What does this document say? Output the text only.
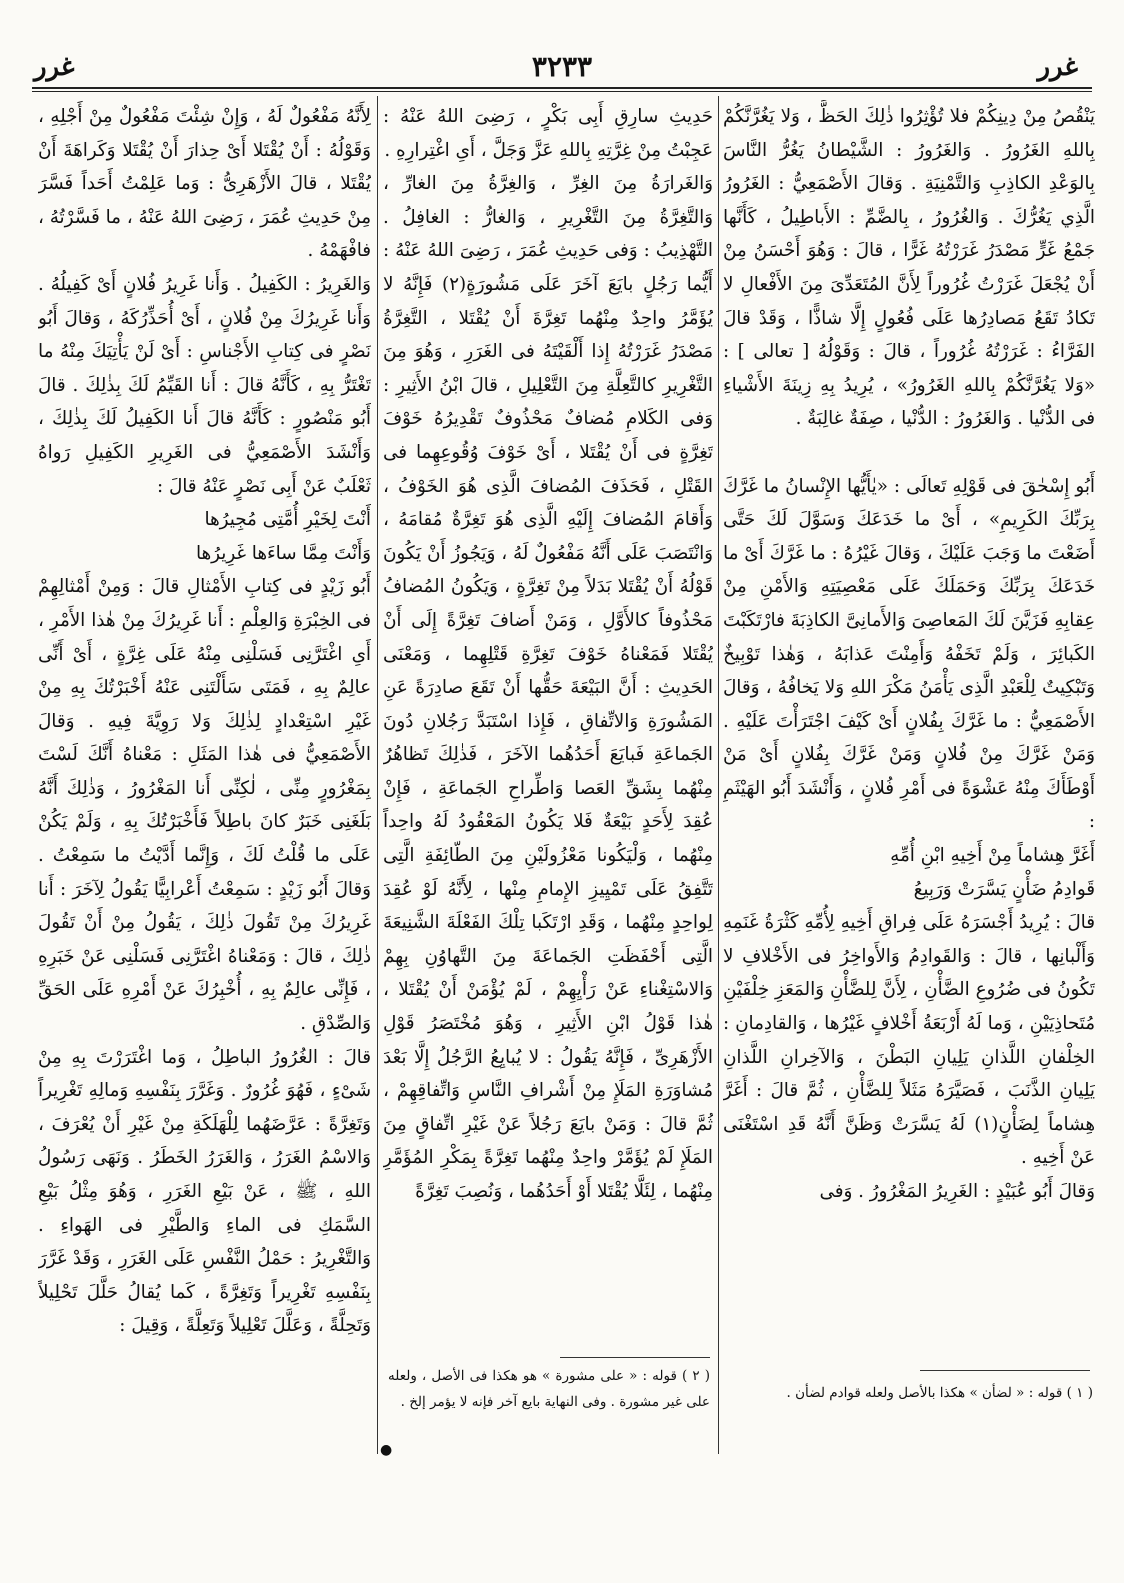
غرر
٣٢٣٣
غرر

يَنْقُصُ مِنْ دِينِكُمْ فلا تُؤْثِرُوا ذٰلِكَ الحَظَّ ، وَلا يَغُرَّنَّكُمْ بِاللهِ الغَرُورُ . وَالغَرُورُ : الشَّيْطانُ يَغُرُّ النَّاسَ بِالوَعْدِ الكاذِبِ وَالتَّمْنِيَةِ . وَقالَ الأَصْمَعِيُّ : الغَرُورُ الَّذِي يَغُرُّكَ . وَالغُرُورُ ، بِالضَّمِّ : الأَباطِيلُ ، كَأَنَّها جَمْعُ غَرٍّ مَصْدَرُ غَرَرْتُهُ غَرًّا ، قالَ : وَهُوَ أَحْسَنُ مِنْ أَنْ يُجْعَلَ غَرَرْتُ غُرُوراً لِأَنَّ المُتَعَدِّىَ مِنَ الأَفْعالِ لا تَكادُ تَقَعُ مَصادِرُها عَلَى فُعُولٍ إِلَّا شاذًّا ، وَقَدْ قالَ الفَرَّاءُ : غَرَرْتُهُ غُرُوراً ، قالَ : وَقَوْلُهُ [ تعالى ] : «وَلا يَغُرَّنَّكُمْ بِاللهِ الغَرُورُ» ، يُرِيدُ بِهِ زِينَةَ الأَشْياءِ فى الدُّنْيا . وَالغَرُورُ : الدُّنْيا ، صِفَةٌ غالِبَةٌ .

أَبُو إِسْحٰقَ فى قَوْلِهِ تَعالَى : «يٰأَيُّها الإِنْسانُ ما غَرَّكَ بِرَبِّكَ الكَرِيمِ» ، أَىْ ما خَدَعَكَ وَسَوَّلَ لَكَ حَتَّى أَضَعْتَ ما وَجَبَ عَلَيْكَ ، وَقالَ غَيْرُهُ : ما غَرَّكَ أَىْ ما خَدَعَكَ بِرَبِّكَ وَحَمَلَكَ عَلَى مَعْصِيَتِهِ وَالأَمْنِ مِنْ عِقابِهِ فَزَيَّنَ لَكَ المَعاصِىَ وَالأَمانِىَّ الكاذِبَةَ فارْتَكَبْتَ الكَبائِرَ ، وَلَمْ تَخَفْهُ وَأَمِنْتَ عَذابَهُ ، وَهٰذا تَوْبِيخٌ وَتَبْكِيتٌ لِلْعَبْدِ الَّذِى يَأْمَنُ مَكْرَ اللهِ وَلا يَخافُهُ ، وَقالَ الأَصْمَعِيُّ : ما غَرَّكَ بِفُلانٍ أَىْ كَيْفَ اجْتَرَأْتَ عَلَيْهِ . وَمَنْ غَرَّكَ مِنْ فُلانٍ وَمَنْ غَرَّكَ بِفُلانٍ أَىْ مَنْ أَوْطَأَكَ مِنْهُ عَشْوَةً فى أَمْرِ فُلانٍ ، وَأَنْشَدَ أَبُو الهَيْثَمِ :
أَغَرَّ هِشاماً مِنْ أَخِيهِ ابْنِ أُمِّهِ
قَوادِمُ ضَأْنٍ يَسَّرَتْ وَرَبِيعُ
قالَ : يُرِيدُ أَجْسَرَهُ عَلَى فِراقِ أَخِيهِ لِأُمِّهِ كَثْرَةُ غَنَمِهِ وَأَلْبانِها ، قالَ : وَالقَوادِمُ وَالأَواخِرُ فى الأَخْلافِ لا تَكُونُ فى ضُرُوعِ الضَّأْنِ ، لِأَنَّ لِلضَّأْنِ وَالمَعَزِ خِلْفَيْنِ مُتَحاذِيَيْنِ ، وَما لَهُ أَرْبَعَةُ أَخْلافٍ غَيْرُها ، وَالقادِمانِ : الخِلْفانِ اللَّذانِ يَلِيانِ البَطْنَ ، وَالآخِرانِ اللَّذانِ يَلِيانِ الذَّنَبَ ، فَصَيَّرَهُ مَثَلاً لِلضَّأْنِ ، ثُمَّ قالَ : أَغَرَّ هِشاماً لِضَأْنٍ(١) لَهُ يَسَّرَتْ وَظَنَّ أَنَّهُ قَدِ اسْتَغْنَى عَنْ أَخِيهِ .
وَقالَ أَبُو عُبَيْدٍ : الغَرِيرُ المَغْرُورُ . وَفى

حَدِيثِ سارِقِ أَبِى بَكْرٍ ، رَضِىَ اللهُ عَنْهُ : عَجِبْتُ مِنْ غِرَّتِهِ بِاللهِ عَزَّ وَجَلَّ ، أَىِ اغْتِرارِهِ .
وَالغَرارَةُ مِنَ الغِرِّ ، وَالغِرَّةُ مِنَ الغارِّ ، وَالتَّغِرَّةُ مِنَ التَّغْرِيرِ ، وَالغارُّ : الغافِلُ . التَّهْذِيبُ : وَفى حَدِيثِ عُمَرَ ، رَضِىَ اللهُ عَنْهُ : أَيُّما رَجُلٍ بايَعَ آخَرَ عَلَى مَشُورَةٍ(٢) فَإِنَّهُ لا يُؤَمَّرُ واحِدٌ مِنْهُما تَغِرَّةَ أَنْ يُقْتَلا ، التَّغِرَّةُ مَصْدَرُ غَرَرْتُهُ إِذا أَلْقَيْتَهُ فى الغَرَرِ ، وَهُوَ مِنَ التَّغْرِيرِ كالتَّعِلَّةِ مِنَ التَّعْلِيلِ ، قالَ ابْنُ الأَثِيرِ : وَفى الكَلامِ مُضافٌ مَحْذُوفٌ تَقْدِيرُهُ خَوْفَ تَغِرَّةٍ فى أَنْ يُقْتَلا ، أَىْ خَوْفَ وُقُوعِهِما فى القَتْلِ ، فَحَذَفَ المُضافَ الَّذِى هُوَ الخَوْفُ ، وَأَقامَ المُضافَ إِلَيْهِ الَّذِى هُوَ تَغِرَّةٌ مُقامَهُ ، وَانْتَصَبَ عَلَى أَنَّهُ مَفْعُولٌ لَهُ ، وَيَجُوزُ أَنْ يَكُونَ قَوْلُهُ أَنْ يُقْتَلا بَدَلاً مِنْ تَغِرَّةٍ ، وَيَكُونُ المُضافُ مَحْذُوفاً كالأَوَّلِ ، وَمَنْ أَضافَ تَغِرَّةً إِلَى أَنْ يُقْتَلا فَمَعْناهُ خَوْفَ تَغِرَّةِ قَتْلِهِما ، وَمَعْنَى الحَدِيثِ : أَنَّ البَيْعَةَ حَقُّها أَنْ تَقَعَ صادِرَةً عَنِ المَشُورَةِ وَالاتِّفاقِ ، فَإِذا اسْتَبَدَّ رَجُلانِ دُونَ الجَماعَةِ فَبايَعَ أَحَدُهُما الآخَرَ ، فَذٰلِكَ تَظاهُرٌ مِنْهُما بِشَقِّ العَصا وَاطِّراحِ الجَماعَةِ ، فَإِنْ عُقِدَ لِأَحَدٍ بَيْعَةٌ فَلا يَكُونُ المَعْقُودُ لَهُ واحِداً مِنْهُما ، وَلْيَكُونا مَعْزُولَيْنِ مِنَ الطّائِفَةِ الَّتِى تَتَّفِقُ عَلَى تَمْيِيزِ الإِمامِ مِنْها ، لِأَنَّهُ لَوْ عُقِدَ لِواحِدٍ مِنْهُما ، وَقَدِ ارْتَكَبا تِلْكَ الفَعْلَةَ الشَّنِيعَةَ الَّتِى أَحْفَظَتِ الجَماعَةَ مِنَ التَّهاوُنِ بِهِمْ وَالاسْتِغْناءِ عَنْ رَأْيِهِمْ ، لَمْ يُؤْمَنْ أَنْ يُقْتَلا ، هٰذا قَوْلُ ابْنِ الأَثِيرِ ، وَهُوَ مُخْتَصَرُ قَوْلِ الأَزْهَرِىِّ ، فَإِنَّهُ يَقُولُ : لا يُبايِعُ الرَّجُلُ إِلَّا بَعْدَ مُشاوَرَةِ المَلَإِ مِنْ أَشْرافِ النَّاسِ وَاتِّفاقِهِمْ ، ثُمَّ قالَ : وَمَنْ بايَعَ رَجُلاً عَنْ غَيْرِ اتِّفاقٍ مِنَ المَلَإِ لَمْ يُؤَمَّرْ واحِدٌ مِنْهُما تَغِرَّةً بِمَكْرِ المُؤَمَّرِ مِنْهُما ، لِئَلَّا يُقْتَلا أَوْ أَحَدُهُما ، وَنُصِبَ تَغِرَّةً

لِأَنَّهُ مَفْعُولٌ لَهُ ، وَإِنْ شِئْتَ مَفْعُولٌ مِنْ أَجْلِهِ ، وَقَوْلُهُ : أَنْ يُقْتَلا أَىْ حِذارَ أَنْ يُقْتَلا وَكَراهَةَ أَنْ يُقْتَلا ، قالَ الأَزْهَرِىُّ : وَما عَلِمْتُ أَحَداً فَسَّرَ مِنْ حَدِيثِ عُمَرَ ، رَضِىَ اللهُ عَنْهُ ، ما فَسَّرْتُهُ ، فافْهَمْهُ .
وَالغَرِيرُ : الكَفِيلُ . وَأَنا غَرِيرُ فُلانٍ أَىْ كَفِيلُهُ . وَأَنا غَرِيرُكَ مِنْ فُلانٍ ، أَىْ أُحَذِّرُكَهُ ، وَقالَ أَبُو نَصْرٍ فى كِتابِ الأَجْناسِ : أَىْ لَنْ يَأْتِيَكَ مِنْهُ ما تَغْتَرُّ بِهِ ، كَأَنَّهُ قالَ : أَنا القَيِّمُ لَكَ بِذٰلِكَ . قالَ أَبُو مَنْصُورٍ : كَأَنَّهُ قالَ أَنا الكَفِيلُ لَكَ بِذٰلِكَ ، وَأَنْشَدَ الأَصْمَعِيُّ فى الغَرِيرِ الكَفِيلِ رَواهُ ثَعْلَبٌ عَنْ أَبِى نَصْرٍ عَنْهُ قالَ :
أَنْتَ لِخَيْرِ أُمَّتِى مُجِيرُها
وَأَنْتَ مِمَّا ساءَها غَرِيرُها
أَبُو زَيْدٍ فى كِتابِ الأَمْثالِ قالَ : وَمِنْ أَمْثالِهِمْ فى الخِبْرَةِ وَالعِلْمِ : أَنا غَرِيرُكَ مِنْ هٰذا الأَمْرِ ، أَىِ اغْتَرَّنِى فَسَلْنِى مِنْهُ عَلَى غِرَّةٍ ، أَىْ أَنِّى عالِمٌ بِهِ ، فَمَتَى سَأَلْتَنِى عَنْهُ أَخْبَرْتُكَ بِهِ مِنْ غَيْرِ اسْتِعْدادٍ لِذٰلِكَ وَلا رَوِيَّةَ فِيهِ . وَقالَ الأَصْمَعِيُّ فى هٰذا المَثَلِ : مَعْناهُ أَنَّكَ لَسْتَ بِمَغْرُورٍ مِنِّى ، لٰكِنِّى أَنا المَغْرُورُ ، وَذٰلِكَ أَنَّهُ بَلَغَنِى خَبَرٌ كانَ باطِلاً فَأَخْبَرْتُكَ بِهِ ، وَلَمْ يَكُنْ عَلَى ما قُلْتُ لَكَ ، وَإِنَّما أَدَّيْتُ ما سَمِعْتُ . وَقالَ أَبُو زَيْدٍ : سَمِعْتُ أَعْرابِيًّا يَقُولُ لِآخَرَ : أَنا غَرِيرُكَ مِنْ تَقُولَ ذٰلِكَ ، يَقُولُ مِنْ أَنْ تَقُولَ ذٰلِكَ ، قالَ : وَمَعْناهُ اغْتَرَّنِى فَسَلْنِى عَنْ خَبَرِهِ ، فَإِنِّى عالِمٌ بِهِ ، أُخْبِرُكَ عَنْ أَمْرِهِ عَلَى الحَقِّ وَالصِّدْقِ .
قالَ : الغُرُورُ الباطِلُ ، وَما اغْتَرَرْتَ بِهِ مِنْ شَىْءٍ ، فَهُوَ غُرُورٌ . وَغَرَّرَ بِنَفْسِهِ وَمالِهِ تَغْرِيراً وَتَغِرَّةً : عَرَّضَهُما لِلْهَلَكَةِ مِنْ غَيْرِ أَنْ يُعْرَفَ ، وَالاسْمُ الغَرَرُ ، وَالغَرَرُ الخَطَرُ . وَنَهَى رَسُولُ اللهِ ، ﷺ ، عَنْ بَيْعِ الغَرَرِ ، وَهُوَ مِثْلُ بَيْعِ السَّمَكِ فى الماءِ وَالطَّيْرِ فى الهَواءِ . وَالتَّغْرِيرُ : حَمْلُ النَّفْسِ عَلَى الغَرَرِ ، وَقَدْ غَرَّرَ بِنَفْسِهِ تَغْرِيراً وَتَغِرَّةً ، كَما يُقالُ حَلَّلَ تَحْلِيلاً وَتَحِلَّةً ، وَعَلَّلَ تَعْلِيلاً وَتَعِلَّةً ، وَقِيلَ :

( ١ ) قوله : « لضأن » هكذا بالأصل ولعله قوادم لضأن .
( ٢ ) قوله : « على مشورة » هو هكذا فى الأصل ، ولعله على غير مشورة . وفى النهاية بايع آخر فإنه لا يؤمر إلخ .
●
